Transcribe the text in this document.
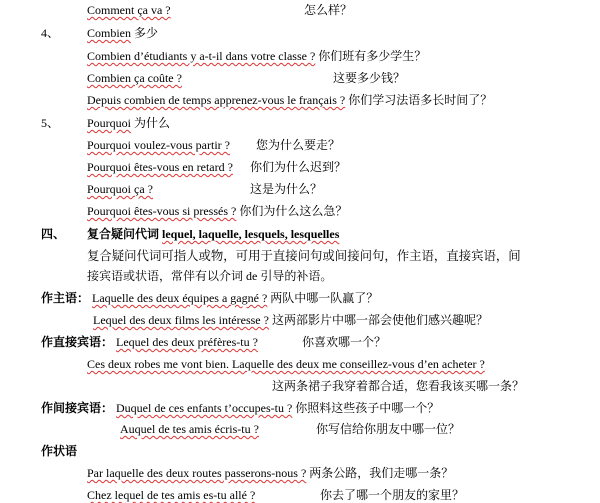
Comment ça va ?	怎么样？
4、 Combien 多少
Combien d’étudiants y a-t-il dans votre classe ? 你们班有多少学生？
Combien ça coûte ?	这要多少钱？
Depuis combien de temps apprenez-vous le français ? 你们学习法语多长时间了？
5、 Pourquoi 为什么
Pourquoi voulez-vous partir ? 您为什么要走？
Pourquoi êtes-vous en retard ? 你们为什么迟到？
Pourquoi ça ?	这是为什么？
Pourquoi êtes-vous si pressés ? 你们为什么这么急？
四、 复合疑问代词 lequel, laquelle, lesquels, lesquelles
复合疑问代词可指人或物，可用于直接问句或间接问句，作主语，直接宾语，间
接宾语或状语，常伴有以介词 de 引导的补语。
作主语： Laquelle des deux équipes a gagné ? 两队中哪一队赢了？
Lequel des deux films les intéresse ? 这两部影片中哪一部会使他们感兴趣呢？
作直接宾语： Lequel des deux préfères-tu ?	你喜欢哪一个？
Ces deux robes me vont bien. Laquelle des deux me conseillez-vous d’en acheter ?
这两条裙子我穿着都合适，您看我该买哪一条？
作间接宾语： Duquel de ces enfants t’occupes-tu ? 你照料这些孩子中哪一个？
Auquel de tes amis écris-tu ?	你写信给你朋友中哪一位？
作状语
Par laquelle des deux routes passerons-nous ? 两条公路，我们走哪一条？
Chez lequel de tes amis es-tu allé ?	你去了哪一个朋友的家里？
